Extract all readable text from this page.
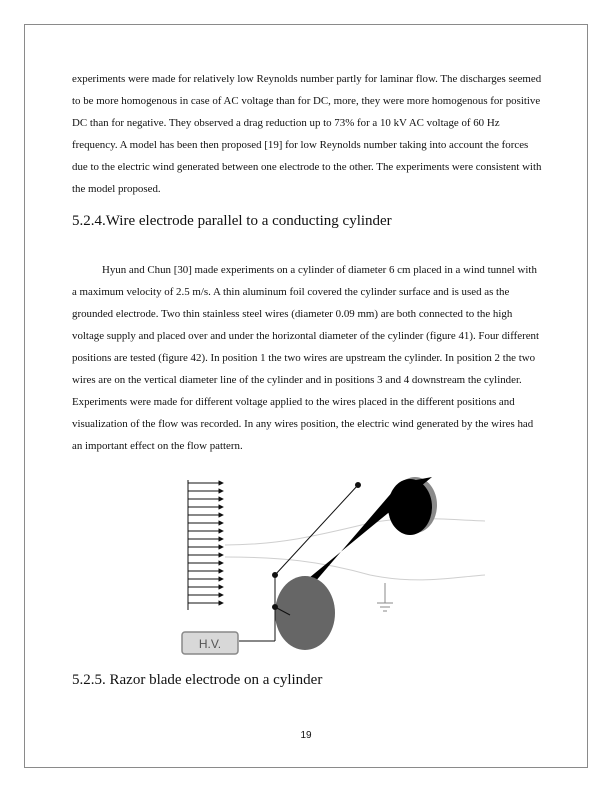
experiments were made for relatively low Reynolds number partly for laminar flow. The discharges seemed to be more homogenous in case of AC voltage than for DC, more, they were more homogenous for positive DC than for negative. They observed a drag reduction up to 73% for a 10 kV AC voltage of 60 Hz frequency. A model has been then proposed [19] for low Reynolds number taking into account the forces due to the electric wind generated between one electrode to the other. The experiments were consistent with the model proposed.

5.2.4.Wire electrode parallel to a conducting cylinder

Hyun and Chun [30] made experiments on a cylinder of diameter 6 cm placed in a wind tunnel with a maximum velocity of 2.5 m/s. A thin aluminum foil covered the cylinder surface and is used as the grounded electrode. Two thin stainless steel wires (diameter 0.09 mm) are both connected to the high voltage supply and placed over and under the horizontal diameter of the cylinder (figure 41). Four different positions are tested (figure 42). In position 1 the two wires are upstream the cylinder. In position 2 the two wires are on the vertical diameter line of the cylinder and in positions 3 and 4 downstream the cylinder. Experiments were made for different voltage applied to the wires placed in the different positions and visualization of the flow was recorded. In any wires position, the electric wind generated by the wires had an important effect on the flow pattern.

H.V.
5.2.5. Razor blade electrode on a cylinder
19
